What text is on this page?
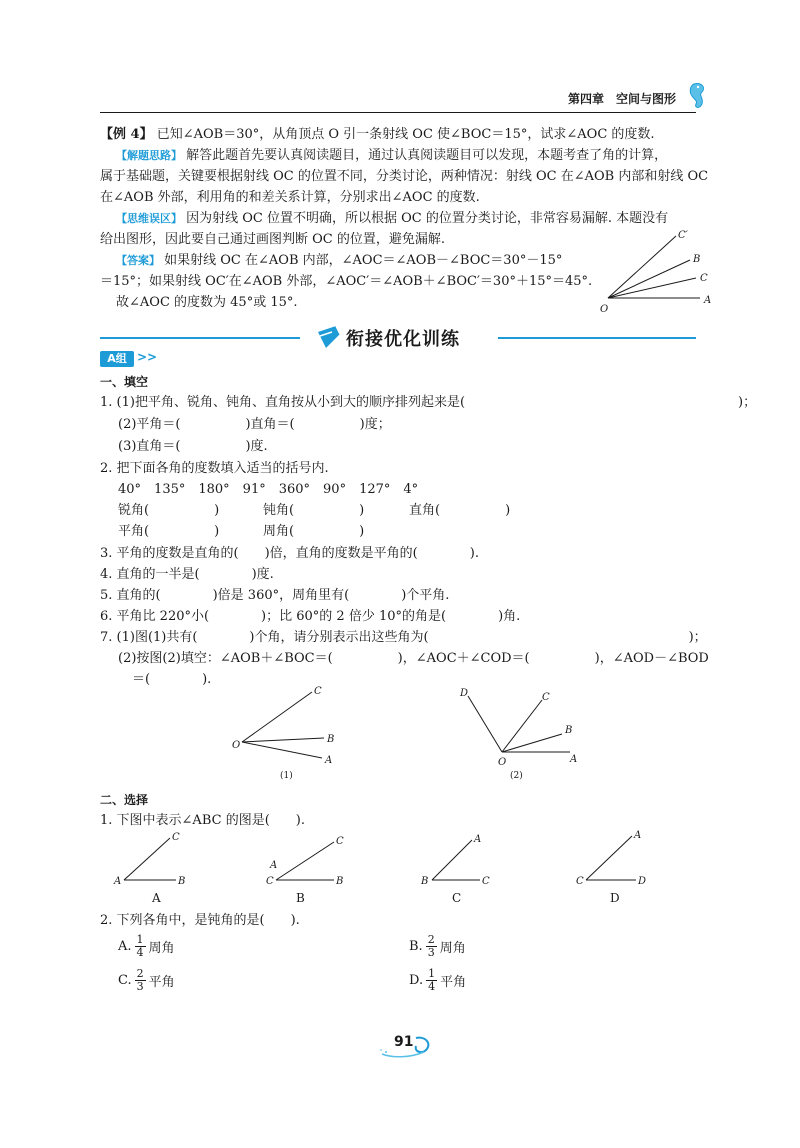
第四章　空间与图形
【例 4】 已知∠AOB＝30°，从角顶点 O 引一条射线 OC 使∠BOC＝15°，试求∠AOC 的度数.
【解题思路】 解答此题首先要认真阅读题目，通过认真阅读题目可以发现，本题考查了角的计算，
属于基础题，关键要根据射线 OC 的位置不同，分类讨论，两种情况：射线 OC 在∠AOB 内部和射线 OC
在∠AOB 外部，利用角的和差关系计算，分别求出∠AOC 的度数.
【思维误区】 因为射线 OC 位置不明确，所以根据 OC 的位置分类讨论，非常容易漏解. 本题没有
给出图形，因此要自己通过画图判断 OC 的位置，避免漏解.
【答案】 如果射线 OC 在∠AOB 内部，∠AOC＝∠AOB－∠BOC＝30°－15°
＝15°；如果射线 OC′在∠AOB 外部，∠AOC′＝∠AOB＋∠BOC′＝30°＋15°＝45°.
故∠AOC 的度数为 45°或 15°.	O
A
C
B
C′
衔接优化训练
A组 >>
一、填空
1. (1)把平角、锐角、钝角、直角按从小到大的顺序排列起来是(　　　　　　　　　　　　　　　　　　　　　)；
(2)平角＝(　　　　　)直角＝(　　　　　)度；
(3)直角＝(　　　　　)度.
2. 把下面各角的度数填入适当的括号内.
40°　135°　180°　91°　360°　90°　127°　4°
锐角(　　　　　)	钝角(　　　　　)	直角(　　　　　)
平角(　　　　　)	周角(　　　　　)
3. 平角的度数是直角的(　　)倍，直角的度数是平角的(　　　　).
4. 直角的一半是(　　　　)度.
5. 直角的(　　　　)倍是 360°，周角里有(　　　　)个平角.
6. 平角比 220°小(　　　　)；比 60°的 2 倍少 10°的角是(　　　　)角.
7. (1)图(1)共有(　　　　)个角，请分别表示出这些角为(　　　　　　　　　　　　　　　　　　　　)；
(2)按图(2)填空：∠AOB＋∠BOC＝(　　　　　)，∠AOC＋∠COD＝(　　　　　)，∠AOD－∠BOD
＝(　　　　).
O
C
B
A
(1)
D	C
B
O	A
(2)
二、选择
1. 下图中表示∠ABC 的图是(　　).
C
A	B
A
C
A
C	B
B
A
B	C
C
A
C	D
D
2. 下列各角中，是钝角的是(　　).
A. $\frac{1}{4}$ 周角	B. $\frac{2}{3}$ 周角
C. $\frac{2}{3}$ 平角	D. $\frac{1}{4}$ 平角
91
